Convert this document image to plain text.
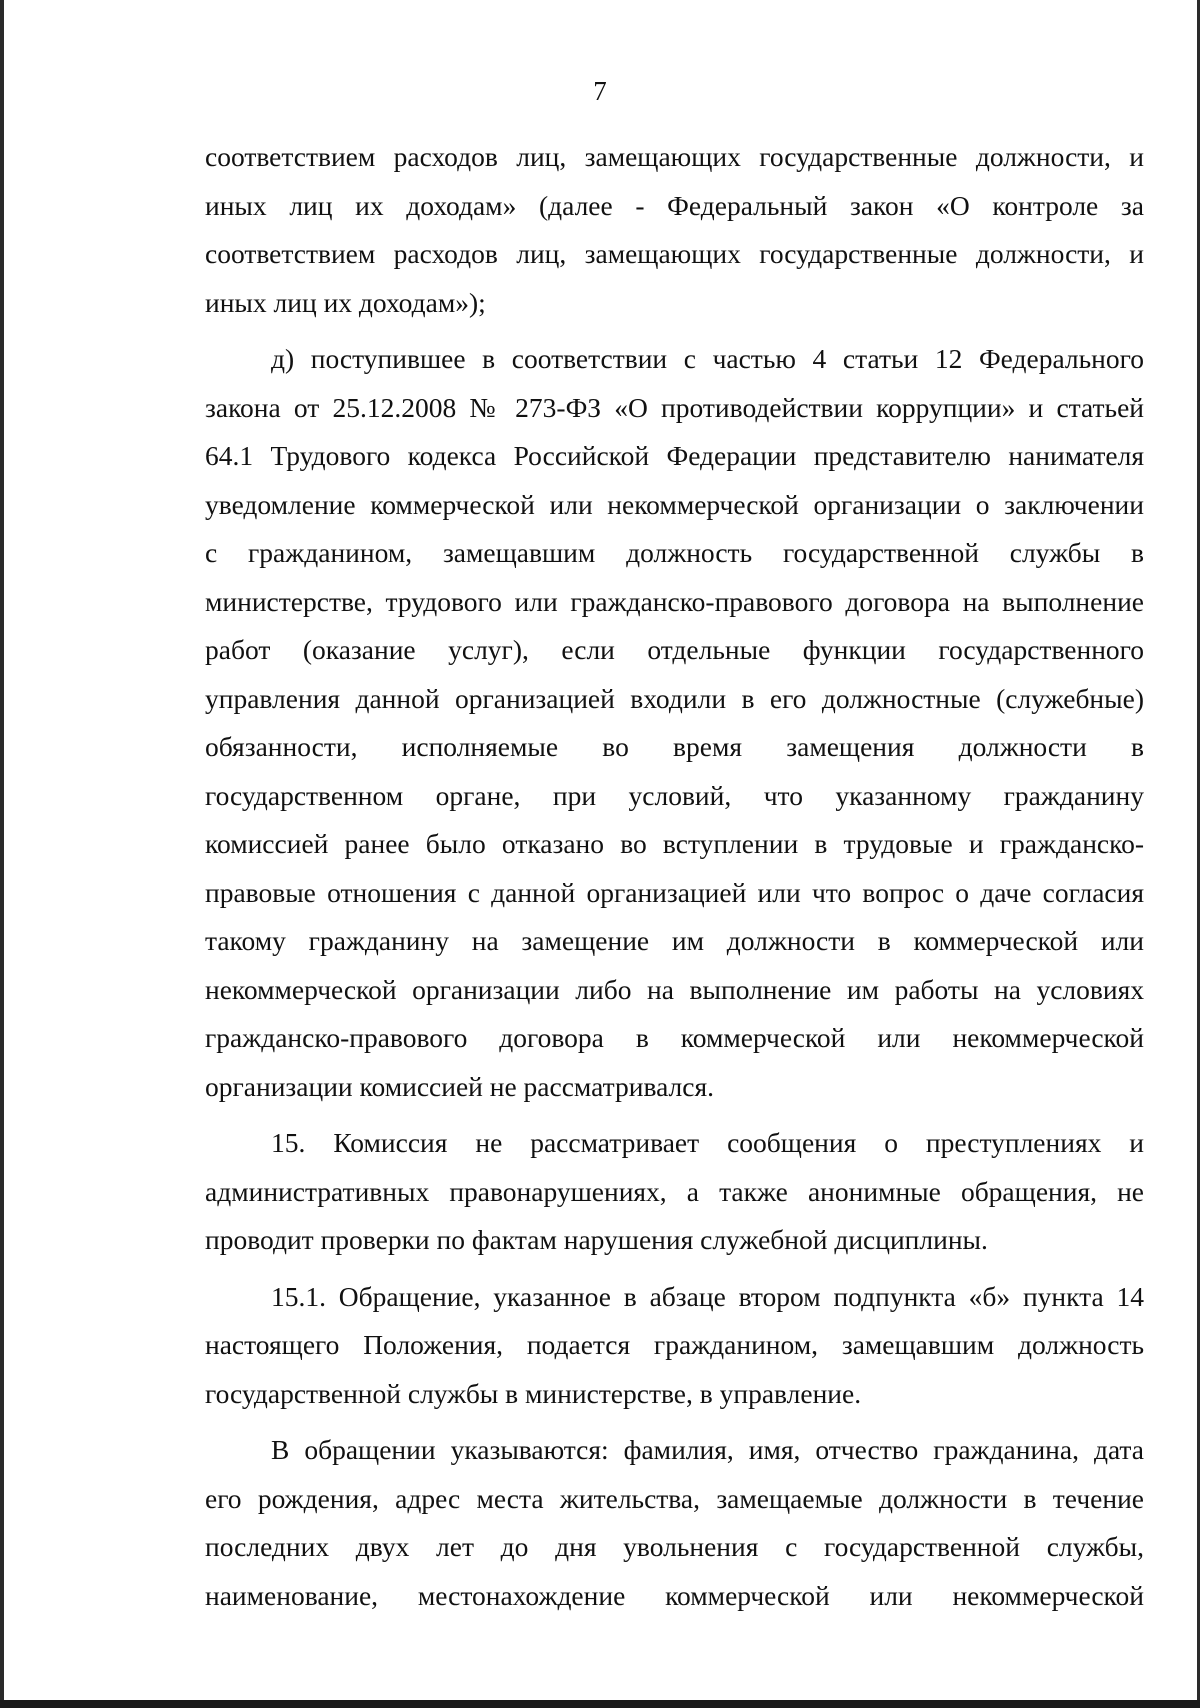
7
соответствием расходов лиц, замещающих государственные должности, и
иных лиц их доходам» (далее - Федеральный закон «О контроле за
соответствием расходов лиц, замещающих государственные должности, и
иных лиц их доходам»);
д) поступившее в соответствии с частью 4 статьи 12 Федерального
закона от 25.12.2008 № 273-ФЗ «О противодействии коррупции» и статьей
64.1 Трудового кодекса Российской Федерации представителю нанимателя
уведомление коммерческой или некоммерческой организации о заключении
с гражданином, замещавшим должность государственной службы в
министерстве, трудового или гражданско-правового договора на выполнение
работ (оказание услуг), если отдельные функции государственного
управления данной организацией входили в его должностные (служебные)
обязанности, исполняемые во время замещения должности в
государственном органе, при условий, что указанному гражданину
комиссией ранее было отказано во вступлении в трудовые и гражданско-
правовые отношения с данной организацией или что вопрос о даче согласия
такому гражданину на замещение им должности в коммерческой или
некоммерческой организации либо на выполнение им работы на условиях
гражданско-правового договора в коммерческой или некоммерческой
организации комиссией не рассматривался.
15. Комиссия не рассматривает сообщения о преступлениях и
административных правонарушениях, а также анонимные обращения, не
проводит проверки по фактам нарушения служебной дисциплины.
15.1. Обращение, указанное в абзаце втором подпункта «б» пункта 14
настоящего Положения, подается гражданином, замещавшим должность
государственной службы в министерстве, в управление.
В обращении указываются: фамилия, имя, отчество гражданина, дата
его рождения, адрес места жительства, замещаемые должности в течение
последних двух лет до дня увольнения с государственной службы,
наименование, местонахождение коммерческой или некоммерческой
